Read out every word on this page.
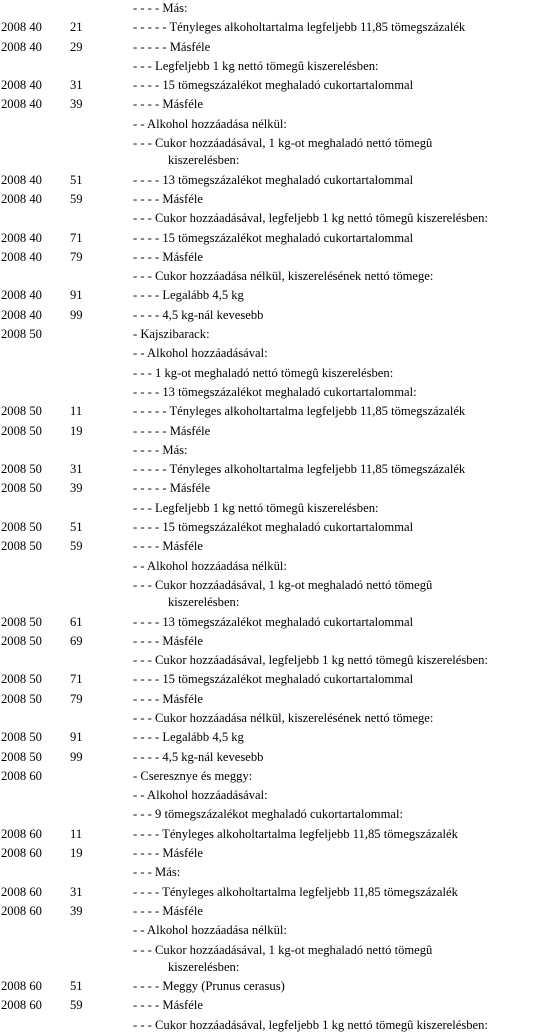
- - - - Más:
2008 40 21	- - - - - Tényleges alkoholtartalma legfeljebb 11,85 tömegszázalék
2008 40 29	- - - - - Másféle
- - - Legfeljebb 1 kg nettó tömegû kiszerelésben:
2008 40 31	- - - - 15 tömegszázalékot meghaladó cukortartalommal
2008 40 39	- - - - Másféle
- - Alkohol hozzáadása nélkül:
- - - Cukor hozzáadásával, 1 kg-ot meghaladó nettó tömegû
kiszerelésben:
2008 40 51	- - - - 13 tömegszázalékot meghaladó cukortartalommal
2008 40 59	- - - - Másféle
- - - Cukor hozzáadásával, legfeljebb 1 kg nettó tömegû kiszerelésben:
2008 40 71	- - - - 15 tömegszázalékot meghaladó cukortartalommal
2008 40 79	- - - - Másféle
- - - Cukor hozzáadása nélkül, kiszerelésének nettó tömege:
2008 40 91	- - - - Legalább 4,5 kg
2008 40 99	- - - - 4,5 kg-nál kevesebb
2008 50	- Kajszibarack:
- - Alkohol hozzáadásával:
- - - 1 kg-ot meghaladó nettó tömegû kiszerelésben:
- - - - 13 tömegszázalékot meghaladó cukortartalommal:
2008 50 11	- - - - - Tényleges alkoholtartalma legfeljebb 11,85 tömegszázalék
2008 50 19	- - - - - Másféle
- - - - Más:
2008 50 31	- - - - - Tényleges alkoholtartalma legfeljebb 11,85 tömegszázalék
2008 50 39	- - - - - Másféle
- - - Legfeljebb 1 kg nettó tömegû kiszerelésben:
2008 50 51	- - - - 15 tömegszázalékot meghaladó cukortartalommal
2008 50 59	- - - - Másféle
- - Alkohol hozzáadása nélkül:
- - - Cukor hozzáadásával, 1 kg-ot meghaladó nettó tömegû
kiszerelésben:
2008 50 61	- - - - 13 tömegszázalékot meghaladó cukortartalommal
2008 50 69	- - - - Másféle
- - - Cukor hozzáadásával, legfeljebb 1 kg nettó tömegû kiszerelésben:
2008 50 71	- - - - 15 tömegszázalékot meghaladó cukortartalommal
2008 50 79	- - - - Másféle
- - - Cukor hozzáadása nélkül, kiszerelésének nettó tömege:
2008 50 91	- - - - Legalább 4,5 kg
2008 50 99	- - - - 4,5 kg-nál kevesebb
2008 60	- Cseresznye és meggy:
- - Alkohol hozzáadásával:
- - - 9 tömegszázalékot meghaladó cukortartalommal:
2008 60 11	- - - - Tényleges alkoholtartalma legfeljebb 11,85 tömegszázalék
2008 60 19	- - - - Másféle
- - - Más:
2008 60 31	- - - - Tényleges alkoholtartalma legfeljebb 11,85 tömegszázalék
2008 60 39	- - - - Másféle
- - Alkohol hozzáadása nélkül:
- - - Cukor hozzáadásával, 1 kg-ot meghaladó nettó tömegû
kiszerelésben:
2008 60 51	- - - - Meggy (Prunus cerasus)
2008 60 59	- - - - Másféle
- - - Cukor hozzáadásával, legfeljebb 1 kg nettó tömegû kiszerelésben:
